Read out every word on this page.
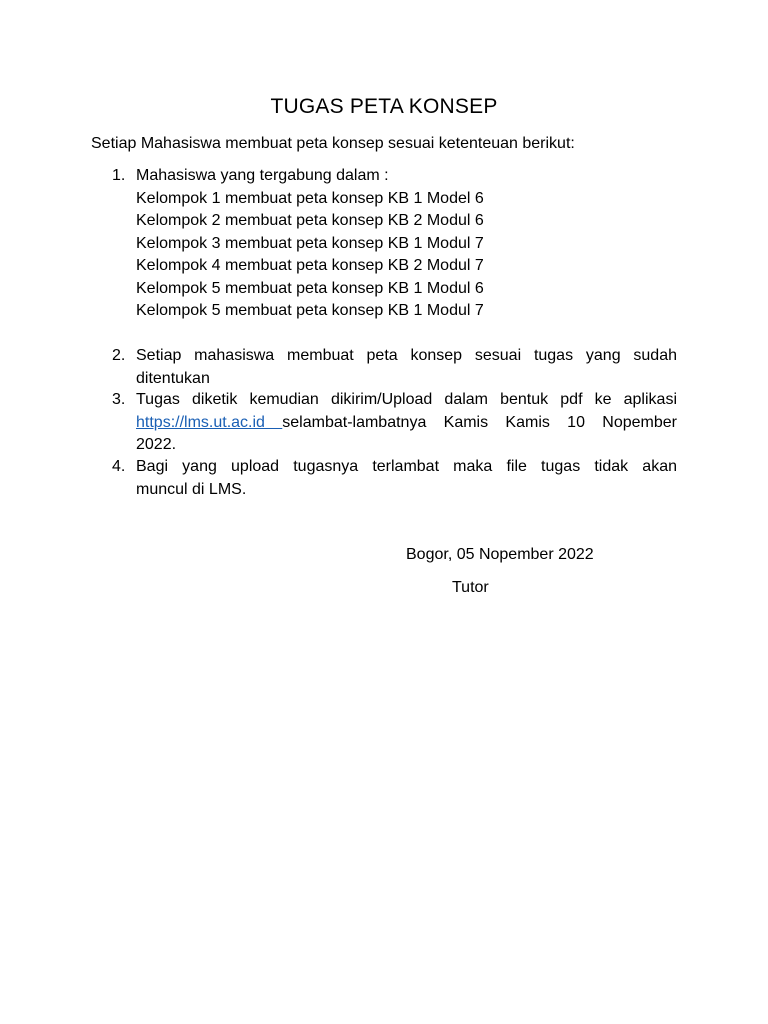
TUGAS PETA KONSEP
Setiap Mahasiswa membuat peta konsep sesuai ketenteuan berikut:
1. Mahasiswa yang tergabung dalam :
Kelompok 1 membuat peta konsep KB 1 Model 6
Kelompok 2 membuat peta konsep KB 2 Modul 6
Kelompok 3 membuat peta konsep KB 1 Modul 7
Kelompok 4 membuat peta konsep KB 2 Modul 7
Kelompok 5 membuat peta konsep KB 1 Modul 6
Kelompok 5 membuat peta konsep KB 1 Modul 7
2. Setiap mahasiswa membuat peta konsep sesuai tugas yang sudah
ditentukan
3. Tugas diketik kemudian dikirim/Upload dalam bentuk pdf ke aplikasi
https://lms.ut.ac.id selambat-lambatnya Kamis Kamis 10 Nopember
2022.
4. Bagi yang upload tugasnya terlambat maka file tugas tidak akan
muncul di LMS.
Bogor, 05 Nopember 2022
Tutor
